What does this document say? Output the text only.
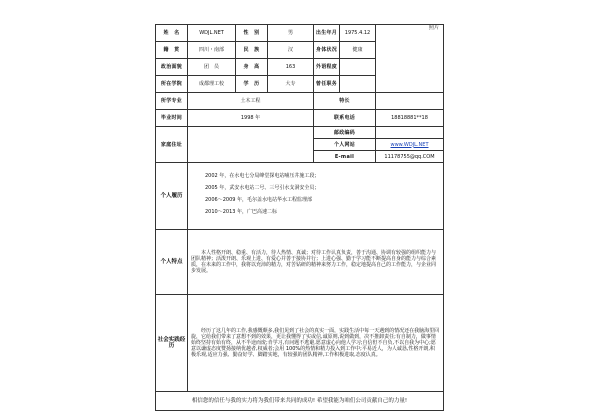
姓　名	WDJL.NET	性　别	男	出生年月	1975.4.12	照片
籍　贯	四川・南部	民　族	汉	身体状况	健康	
政治面貌	团　员	身　高	163	外语程度		
所在学院	成都理工校	学　历	大专	曾任职务		
所学专业	土木工程			特长		
毕业时间	1998 年			联系电话		18818881**18
家庭住址				邮政编码		
				个人网站		www.WDJL.NET
				E-mail		11178755@qq.COM
个人履历	2002 年，在水电七分局峰堂探电站哺压井施工段；
2005 年，武安水电站二号、三号引水支洞安全员；
2006～2009 年，毛尔盖水电站华水工程监理部
2010～2013 年，广巴高速二标					

个人特点	本人性格开朗、稳重、有活力，待人热情、真诚；对待工作认真负责，善于沟通、协调有较强的组织能力与团队精神；活泼开朗、乐观上进、有爱心并善于接协并行；上进心强、勤于学习能不断提高自身的能力与综合素质，在未来的工作中，我将以充沛的精力，对苦钻研的精神来努力工作，稳定地提高自己的工作能力，与企业同步发展。					

社会实践经历	经历了这几年的工作,我感慨颇多,我们见到了社会的真实一面，实践生活中每一天遇到的情况还在我脑海里回旋，它给我们带来了意想不到的效果，更让我懂得了实或信,诚原则,说到做到，决不推卸责任;有自制力，做事情始终坚持有始有终，从不半途而废;肯学习,有问题不逃避,愿意虚心向他人学习;自信但不自负,不以自我为中心;愿意以谦虚态度赞扬接纳优越者,权威者;会用 100%的热情和精力投入到工作中;平易近人，为人诚恳,性格开朗,积极乐观,适应力强、勤奋好学、脚踏实地，有较强的团队精神,工作积极进取,态度认真。					

相信您的信任与我的实力将为我们带来共同的成功! 希望我能为咱们公司贡献自己的力量!						
